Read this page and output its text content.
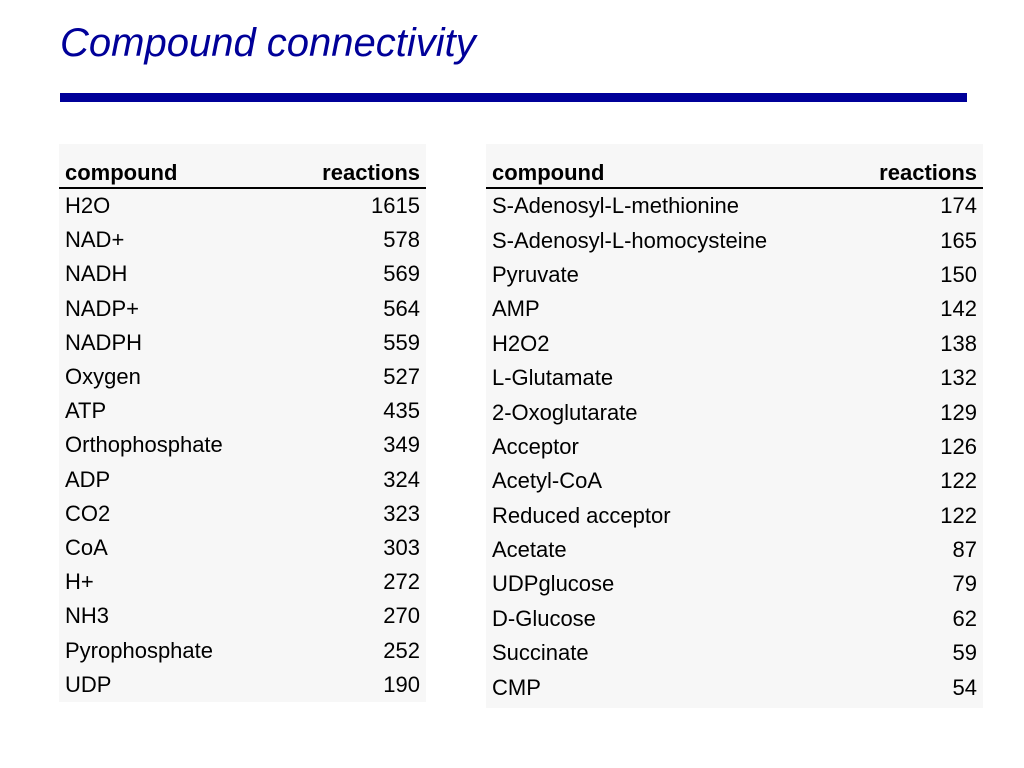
Compound connectivity
compound	reactions
H2O	1615
NAD+	578
NADH	569
NADP+	564
NADPH	559
Oxygen	527
ATP	435
Orthophosphate	349
ADP	324
CO2	323
CoA	303
H+	272
NH3	270
Pyrophosphate	252
UDP	190
compound	reactions
S-Adenosyl-L-methionine	174
S-Adenosyl-L-homocysteine	165
Pyruvate	150
AMP	142
H2O2	138
L-Glutamate	132
2-Oxoglutarate	129
Acceptor	126
Acetyl-CoA	122
Reduced acceptor	122
Acetate	87
UDPglucose	79
D-Glucose	62
Succinate	59
CMP	54
